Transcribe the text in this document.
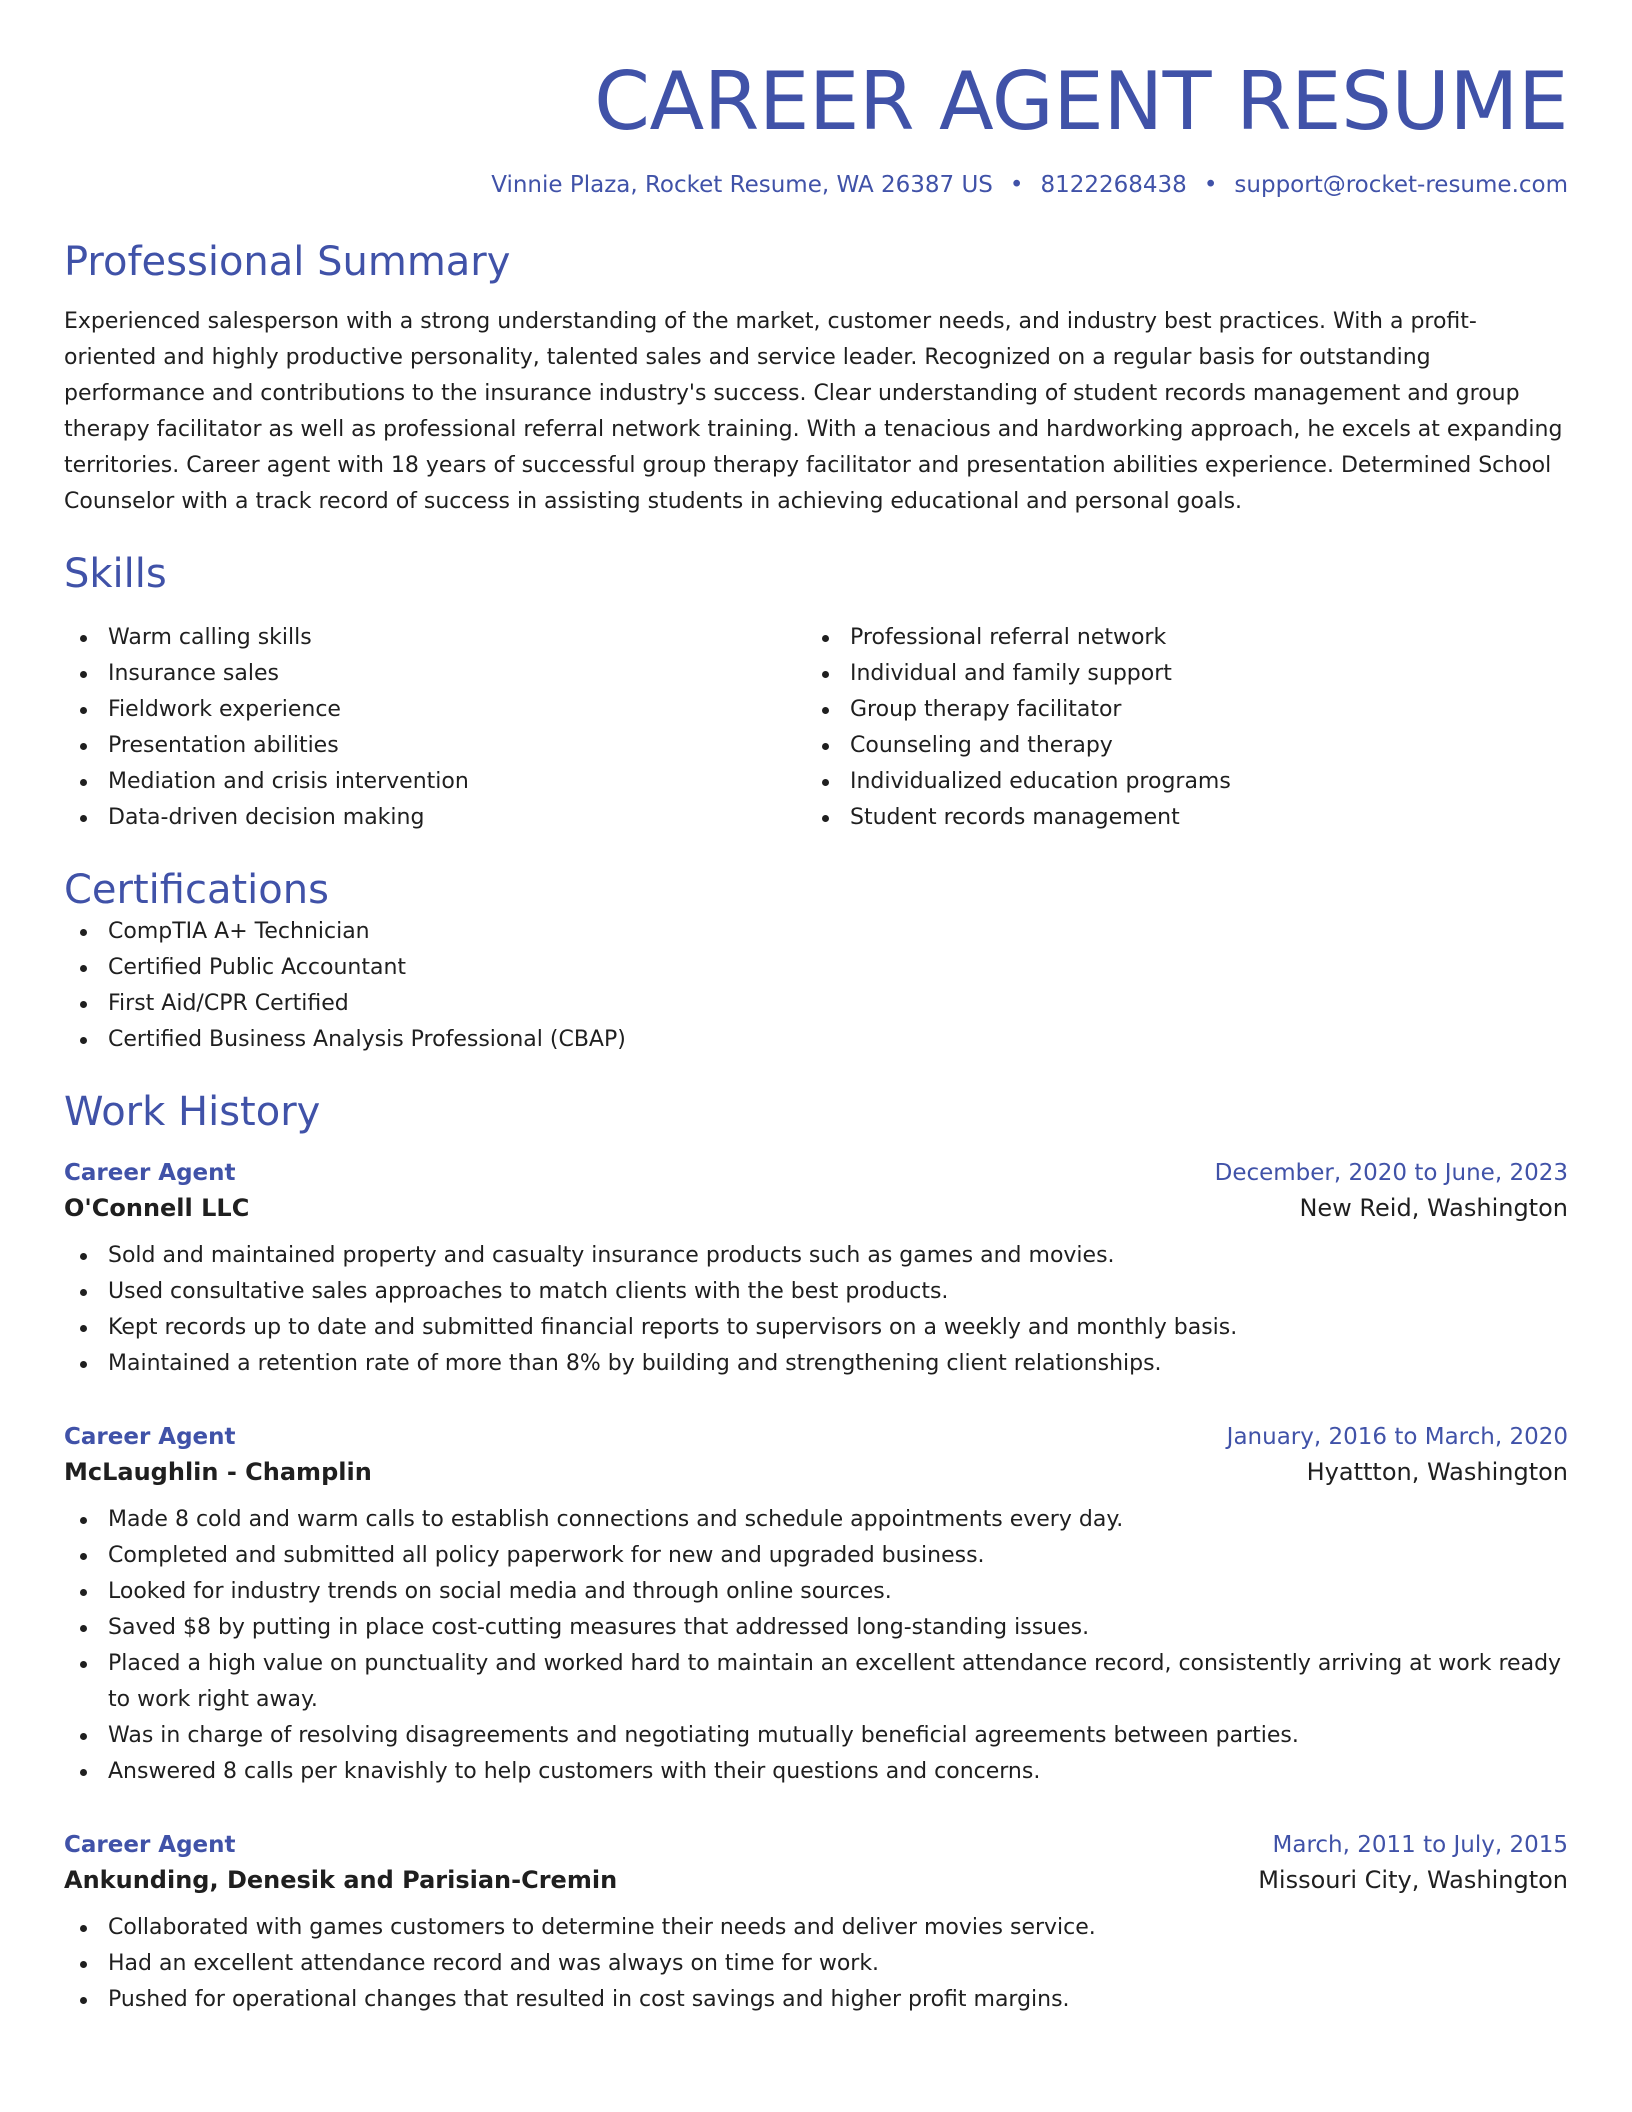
CAREER AGENT RESUME
Vinnie Plaza, Rocket Resume, WA 26387 US • 8122268438 • support@rocket-resume.com
Professional Summary

Experienced salesperson with a strong understanding of the market, customer needs, and industry best practices. With a profit-oriented and highly productive personality, talented sales and service leader. Recognized on a regular basis for outstanding performance and contributions to the insurance industry's success. Clear understanding of student records management and group therapy facilitator as well as professional referral network training. With a tenacious and hardworking approach, he excels at expanding territories. Career agent with 18 years of successful group therapy facilitator and presentation abilities experience. Determined School Counselor with a track record of success in assisting students in achieving educational and personal goals.

Skills
Warm calling skills
Insurance sales
Fieldwork experience
Presentation abilities
Mediation and crisis intervention
Data-driven decision making
Professional referral network
Individual and family support
Group therapy facilitator
Counseling and therapy
Individualized education programs
Student records management
Certifications
CompTIA A+ Technician
Certified Public Accountant
First Aid/CPR Certified
Certified Business Analysis Professional (CBAP)
Work History
Career Agent	December, 2020 to June, 2023
O'Connell LLC	New Reid, Washington
Sold and maintained property and casualty insurance products such as games and movies.
Used consultative sales approaches to match clients with the best products.
Kept records up to date and submitted financial reports to supervisors on a weekly and monthly basis.
Maintained a retention rate of more than 8% by building and strengthening client relationships.
Career Agent	January, 2016 to March, 2020
McLaughlin - Champlin	Hyattton, Washington
Made 8 cold and warm calls to establish connections and schedule appointments every day.
Completed and submitted all policy paperwork for new and upgraded business.
Looked for industry trends on social media and through online sources.
Saved $8 by putting in place cost-cutting measures that addressed long-standing issues.
Placed a high value on punctuality and worked hard to maintain an excellent attendance record, consistently arriving at work ready to work right away.
Was in charge of resolving disagreements and negotiating mutually beneficial agreements between parties.
Answered 8 calls per knavishly to help customers with their questions and concerns.
Career Agent	March, 2011 to July, 2015
Ankunding, Denesik and Parisian-Cremin	Missouri City, Washington
Collaborated with games customers to determine their needs and deliver movies service.
Had an excellent attendance record and was always on time for work.
Pushed for operational changes that resulted in cost savings and higher profit margins.
